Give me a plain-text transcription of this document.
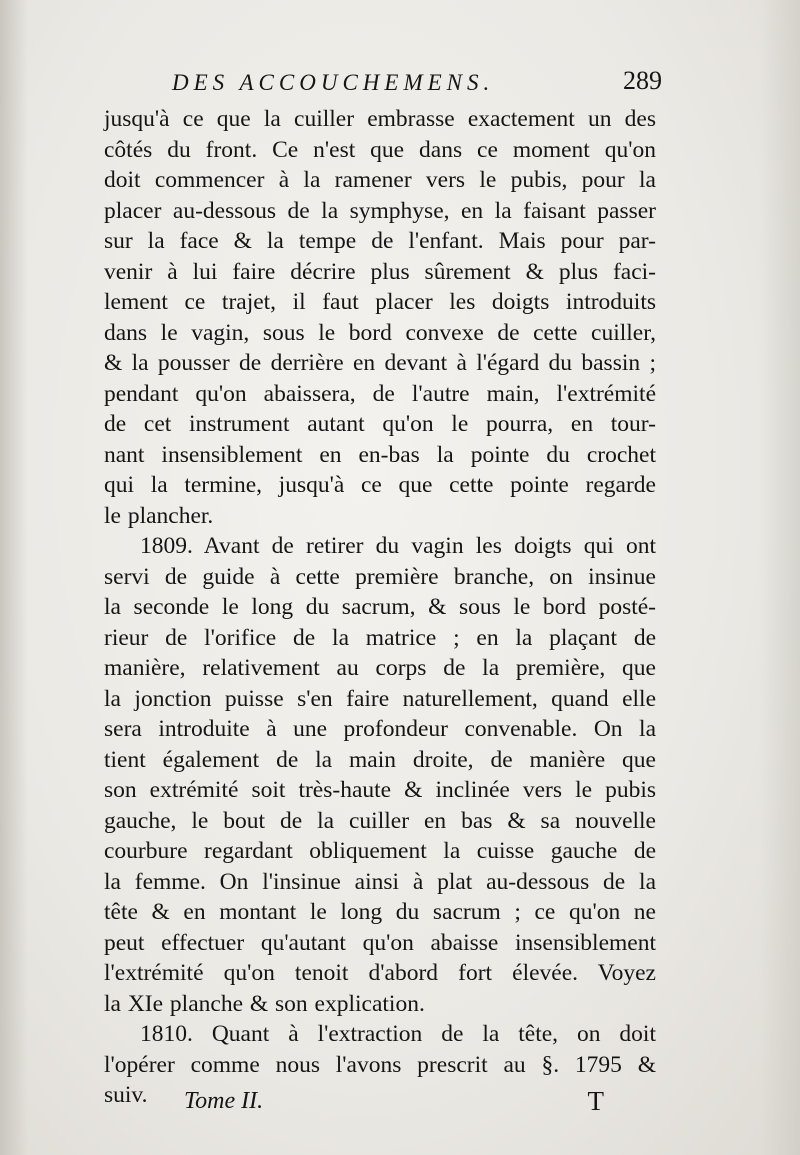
DES ACCOUCHEMENS.	289
jusqu'à ce que la cuiller embrasse exactement un des
côtés du front. Ce n'est que dans ce moment qu'on
doit commencer à la ramener vers le pubis, pour la
placer au-dessous de la symphyse, en la faisant passer
sur la face & la tempe de l'enfant. Mais pour par-
venir à lui faire décrire plus sûrement & plus faci-
lement ce trajet, il faut placer les doigts introduits
dans le vagin, sous le bord convexe de cette cuiller,
& la pousser de derrière en devant à l'égard du bassin ;
pendant qu'on abaissera, de l'autre main, l'extrémité
de cet instrument autant qu'on le pourra, en tour-
nant insensiblement en en-bas la pointe du crochet
qui la termine, jusqu'à ce que cette pointe regarde
le plancher.
1809. Avant de retirer du vagin les doigts qui ont
servi de guide à cette première branche, on insinue
la seconde le long du sacrum, & sous le bord posté-
rieur de l'orifice de la matrice ; en la plaçant de
manière, relativement au corps de la première, que
la jonction puisse s'en faire naturellement, quand elle
sera introduite à une profondeur convenable. On la
tient également de la main droite, de manière que
son extrémité soit très-haute & inclinée vers le pubis
gauche, le bout de la cuiller en bas & sa nouvelle
courbure regardant obliquement la cuisse gauche de
la femme. On l'insinue ainsi à plat au-dessous de la
tête & en montant le long du sacrum ; ce qu'on ne
peut effectuer qu'autant qu'on abaisse insensiblement
l'extrémité qu'on tenoit d'abord fort élevée. Voyez
la XIe planche & son explication.
1810. Quant à l'extraction de la tête, on doit
l'opérer comme nous l'avons prescrit au §. 1795 &
suiv.	Tome II.	T
